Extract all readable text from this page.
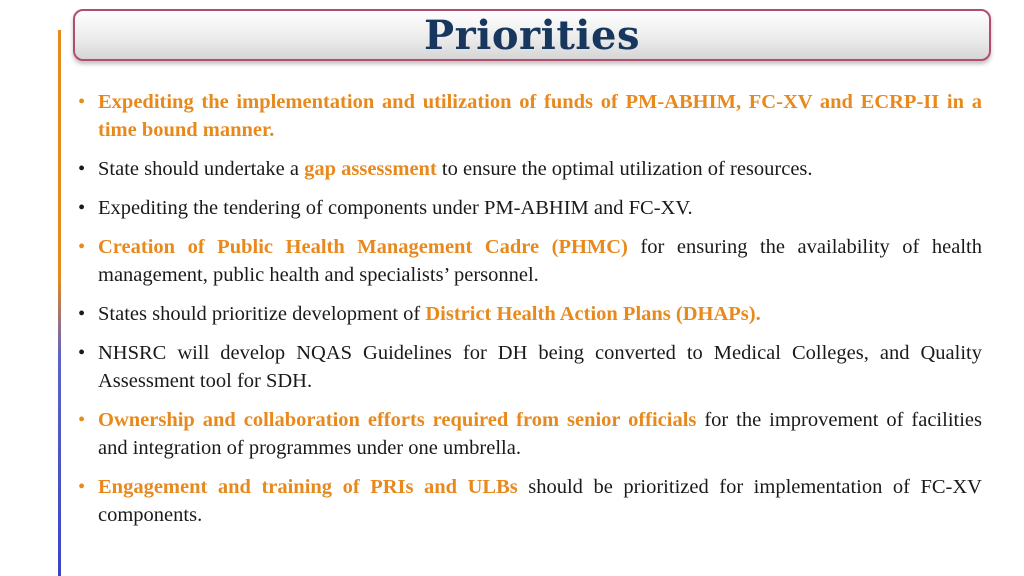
Priorities
• Expediting the implementation and utilization of funds of PM-ABHIM, FC-XV and ECRP-II in a time bound manner.
• State should undertake a gap assessment to ensure the optimal utilization of resources.
• Expediting the tendering of components under PM-ABHIM and FC-XV.
• Creation of Public Health Management Cadre (PHMC) for ensuring the availability of health management, public health and specialists’ personnel.
• States should prioritize development of District Health Action Plans (DHAPs).
• NHSRC will develop NQAS Guidelines for DH being converted to Medical Colleges, and Quality Assessment tool for SDH.
• Ownership and collaboration efforts required from senior officials for the improvement of facilities and integration of programmes under one umbrella.
• Engagement and training of PRIs and ULBs should be prioritized for implementation of FC-XV components.
